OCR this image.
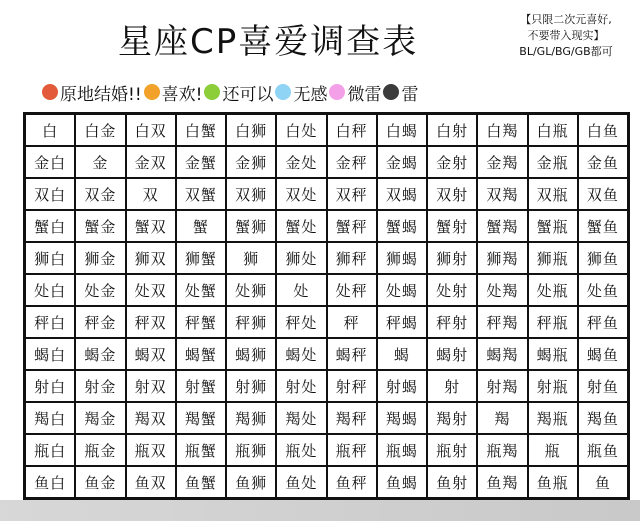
星座CP喜爱调查表
【只限二次元喜好,
不要带入现实】
BL/GL/BG/GB都可
原地结婚!! 喜欢! 还可以 无感 微雷 雷
白	白金	白双	白蟹	白狮	白处	白秤	白蝎	白射	白羯	白瓶	白鱼
金白	金	金双	金蟹	金狮	金处	金秤	金蝎	金射	金羯	金瓶	金鱼
双白	双金	双	双蟹	双狮	双处	双秤	双蝎	双射	双羯	双瓶	双鱼
蟹白	蟹金	蟹双	蟹	蟹狮	蟹处	蟹秤	蟹蝎	蟹射	蟹羯	蟹瓶	蟹鱼
狮白	狮金	狮双	狮蟹	狮	狮处	狮秤	狮蝎	狮射	狮羯	狮瓶	狮鱼
处白	处金	处双	处蟹	处狮	处	处秤	处蝎	处射	处羯	处瓶	处鱼
秤白	秤金	秤双	秤蟹	秤狮	秤处	秤	秤蝎	秤射	秤羯	秤瓶	秤鱼
蝎白	蝎金	蝎双	蝎蟹	蝎狮	蝎处	蝎秤	蝎	蝎射	蝎羯	蝎瓶	蝎鱼
射白	射金	射双	射蟹	射狮	射处	射秤	射蝎	射	射羯	射瓶	射鱼
羯白	羯金	羯双	羯蟹	羯狮	羯处	羯秤	羯蝎	羯射	羯	羯瓶	羯鱼
瓶白	瓶金	瓶双	瓶蟹	瓶狮	瓶处	瓶秤	瓶蝎	瓶射	瓶羯	瓶	瓶鱼
鱼白	鱼金	鱼双	鱼蟹	鱼狮	鱼处	鱼秤	鱼蝎	鱼射	鱼羯	鱼瓶	鱼
